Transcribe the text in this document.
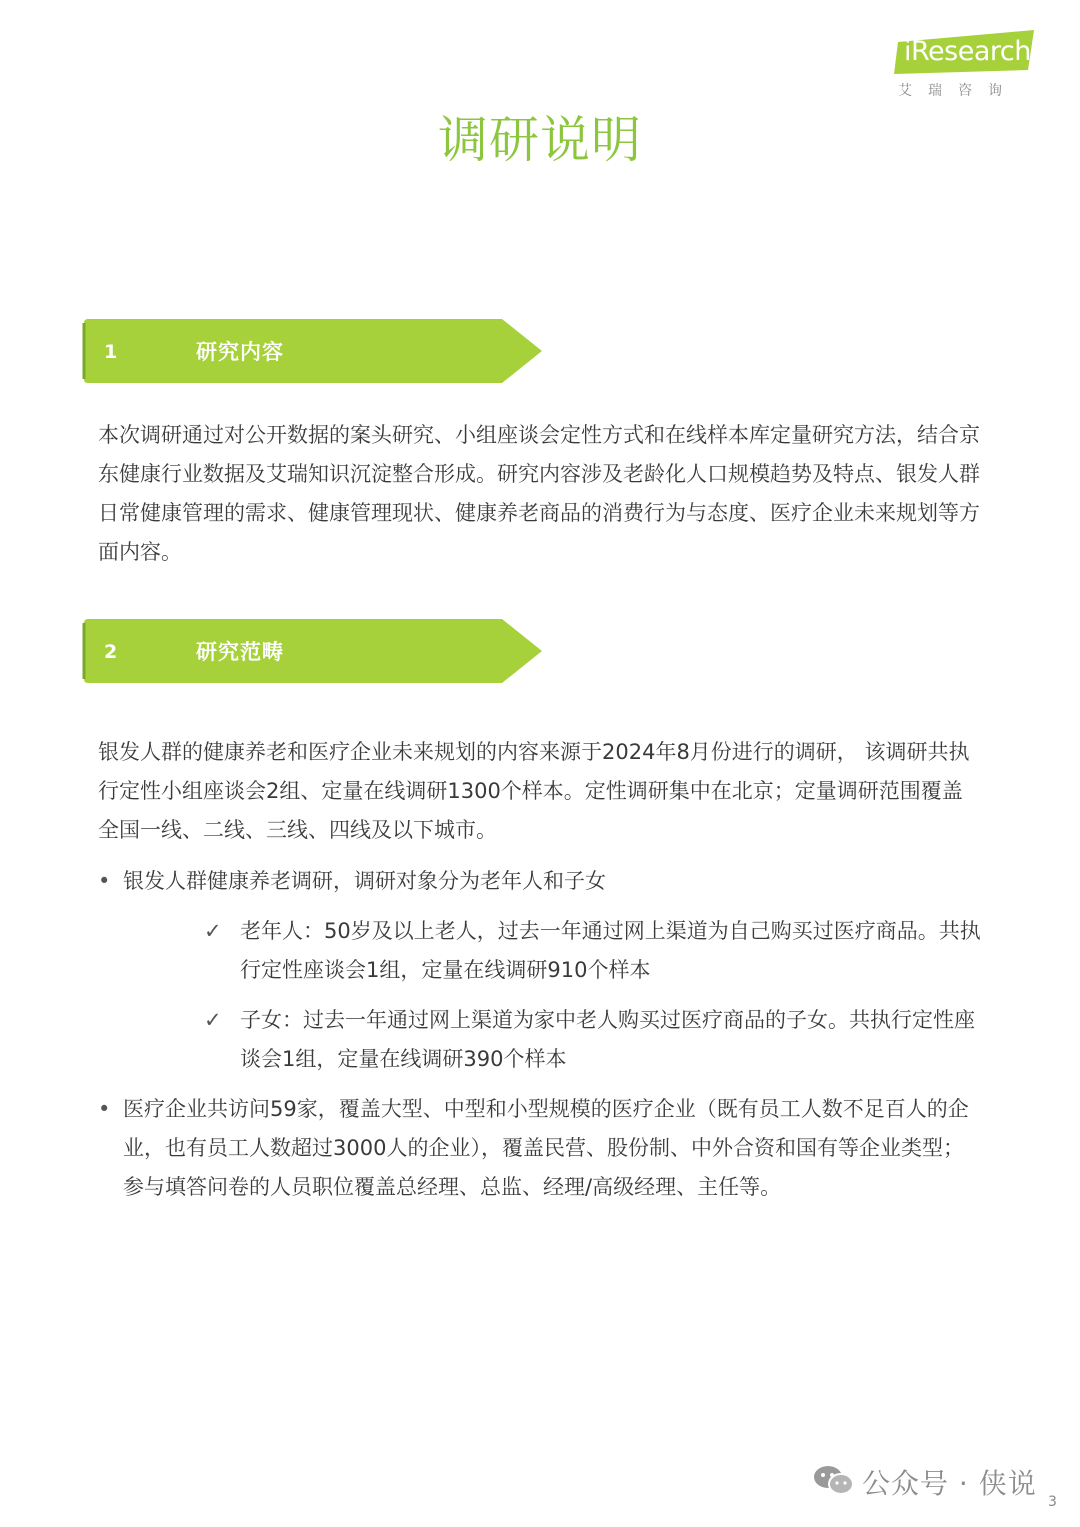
iResearch
艾瑞咨询
调研说明
1	研究内容
本次调研通过对公开数据的案头研究、小组座谈会定性方式和在线样本库定量研究方法，结合京东健康行业数据及艾瑞知识沉淀整合形成。研究内容涉及老龄化人口规模趋势及特点、银发人群日常健康管理的需求、健康管理现状、健康养老商品的消费行为与态度、医疗企业未来规划等方面内容。
2	研究范畴
银发人群的健康养老和医疗企业未来规划的内容来源于2024年8月份进行的调研， 该调研共执行定性小组座谈会2组、定量在线调研1300个样本。定性调研集中在北京；定量调研范围覆盖全国一线、二线、三线、四线及以下城市。
• 银发人群健康养老调研，调研对象分为老年人和子女
✓ 老年人：50岁及以上老人，过去一年通过网上渠道为自己购买过医疗商品。共执行定性座谈会1组，定量在线调研910个样本
✓ 子女：过去一年通过网上渠道为家中老人购买过医疗商品的子女。共执行定性座谈会1组，定量在线调研390个样本
• 医疗企业共访问59家，覆盖大型、中型和小型规模的医疗企业（既有员工人数不足百人的企业，也有员工人数超过3000人的企业），覆盖民营、股份制、中外合资和国有等企业类型；参与填答问卷的人员职位覆盖总经理、总监、经理/高级经理、主任等。
公众号 · 侠说
3
